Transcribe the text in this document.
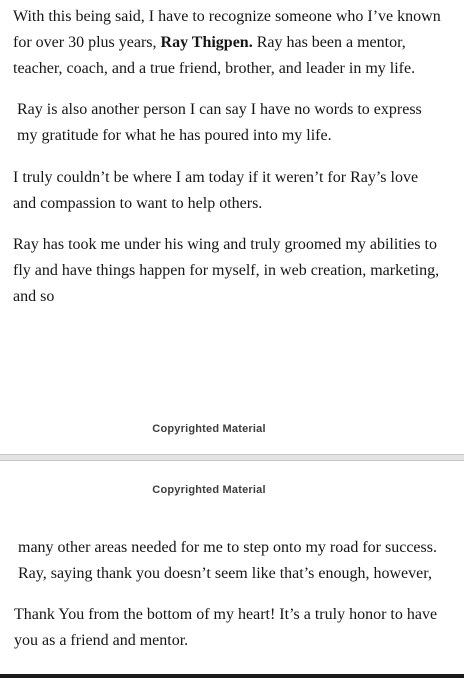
With this being said, I have to recognize someone who I’ve known
for over 30 plus years, Ray Thigpen. Ray has been a mentor,
teacher, coach, and a true friend, brother, and leader in my life.

Ray is also another person I can say I have no words to express
my gratitude for what he has poured into my life.

I truly couldn’t be where I am today if it weren’t for Ray’s love
and compassion to want to help others.

Ray has took me under his wing and truly groomed my abilities to
fly and have things happen for myself, in web creation, marketing,
and so

Copyrighted Material
Copyrighted Material

many other areas needed for me to step onto my road for success.
Ray, saying thank you doesn’t seem like that’s enough, however,

Thank You from the bottom of my heart! It’s a truly honor to have
you as a friend and mentor.
